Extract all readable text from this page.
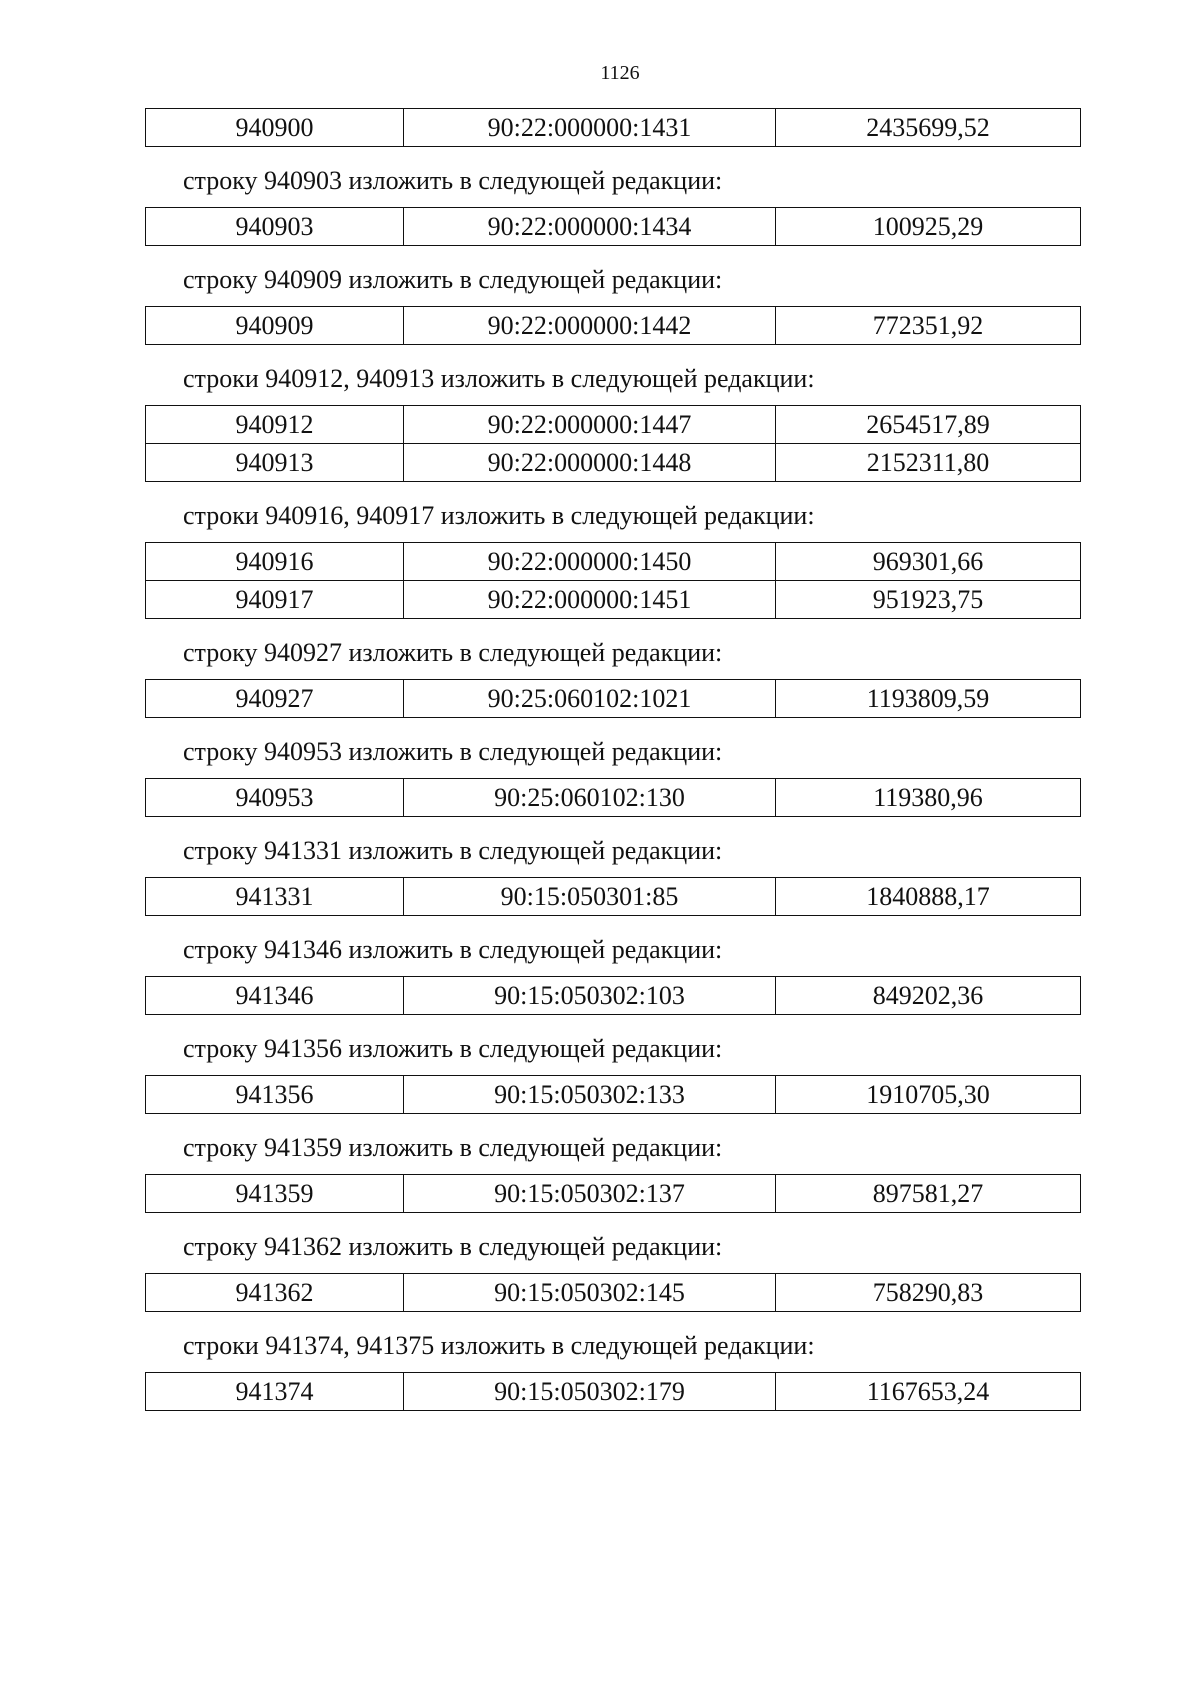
1126
940900	90:22:000000:1431	2435699,52

строку 940903 изложить в следующей редакции:

940903	90:22:000000:1434	100925,29

строку 940909 изложить в следующей редакции:

940909	90:22:000000:1442	772351,92

строки 940912, 940913 изложить в следующей редакции:

940912	90:22:000000:1447	2654517,89
940913	90:22:000000:1448	2152311,80

строки 940916, 940917 изложить в следующей редакции:

940916	90:22:000000:1450	969301,66
940917	90:22:000000:1451	951923,75

строку 940927 изложить в следующей редакции:

940927	90:25:060102:1021	1193809,59

строку 940953 изложить в следующей редакции:

940953	90:25:060102:130	119380,96

строку 941331 изложить в следующей редакции:

941331	90:15:050301:85	1840888,17

строку 941346 изложить в следующей редакции:

941346	90:15:050302:103	849202,36

строку 941356 изложить в следующей редакции:

941356	90:15:050302:133	1910705,30

строку 941359 изложить в следующей редакции:

941359	90:15:050302:137	897581,27

строку 941362 изложить в следующей редакции:

941362	90:15:050302:145	758290,83

строки 941374, 941375 изложить в следующей редакции:

941374	90:15:050302:179	1167653,24
